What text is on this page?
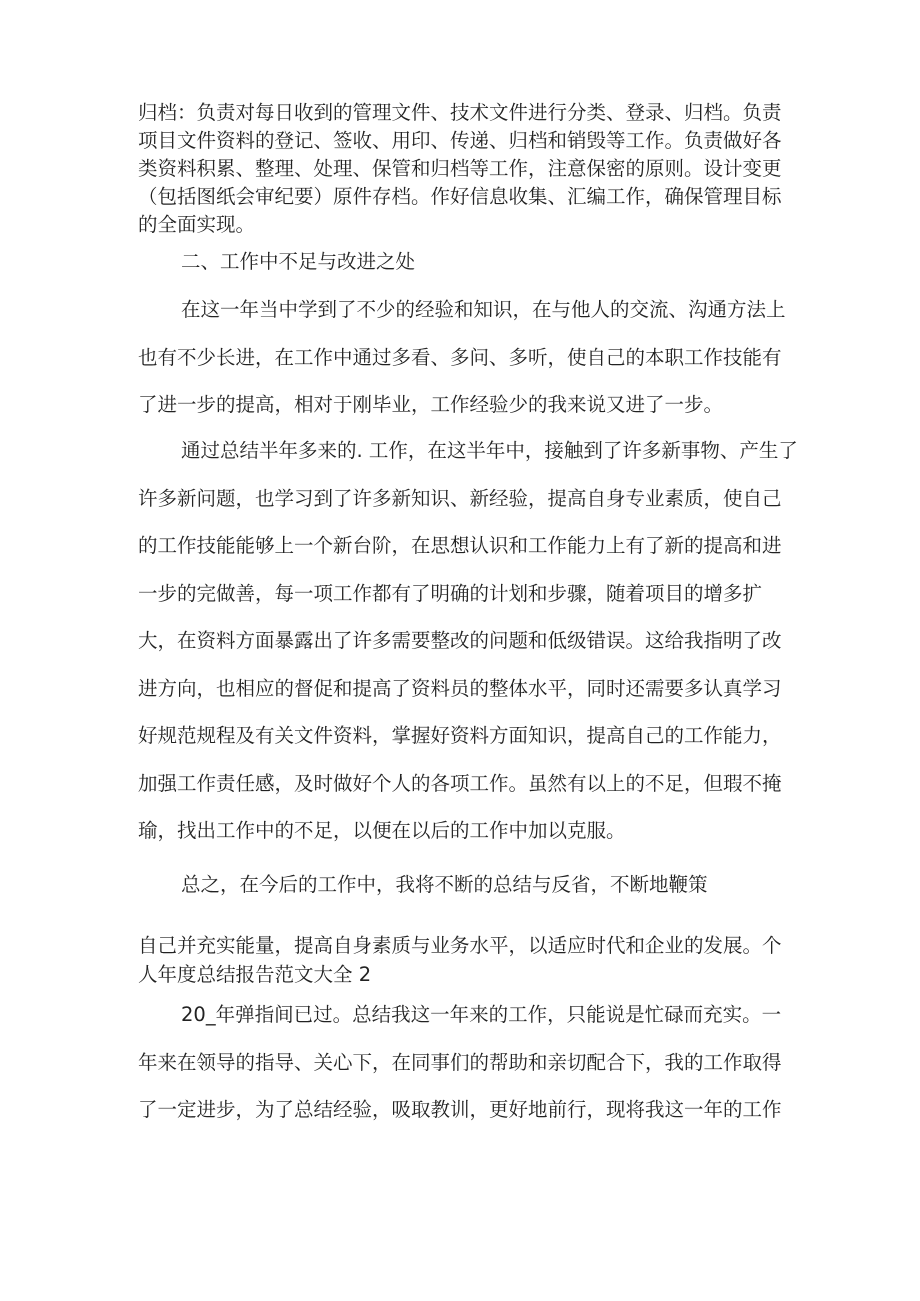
归档：负责对每日收到的管理文件、技术文件进行分类、登录、归档。负责项目文件资料的登记、签收、用印、传递、归档和销毁等工作。负责做好各类资料积累、整理、处理、保管和归档等工作，注意保密的原则。设计变更（包括图纸会审纪要）原件存档。作好信息收集、汇编工作，确保管理目标的全面实现。

二、工作中不足与改进之处

在这一年当中学到了不少的经验和知识，在与他人的交流、沟通方法上也有不少长进，在工作中通过多看、多问、多听，使自己的本职工作技能有了进一步的提高，相对于刚毕业，工作经验少的我来说又进了一步。

通过总结半年多来的. 工作，在这半年中，接触到了许多新事物、产生了许多新问题，也学习到了许多新知识、新经验，提高自身专业素质，使自己的工作技能能够上一个新台阶，在思想认识和工作能力上有了新的提高和进一步的完做善，每一项工作都有了明确的计划和步骤，随着项目的增多扩大，在资料方面暴露出了许多需要整改的问题和低级错误。这给我指明了改进方向，也相应的督促和提高了资料员的整体水平，同时还需要多认真学习好规范规程及有关文件资料，掌握好资料方面知识，提高自己的工作能力，加强工作责任感，及时做好个人的各项工作。虽然有以上的不足，但瑕不掩瑜，找出工作中的不足，以便在以后的工作中加以克服。

总之，在今后的工作中，我将不断的总结与反省，不断地鞭策

自己并充实能量，提高自身素质与业务水平，以适应时代和企业的发展。个人年度总结报告范文大全 2

20_年弹指间已过。总结我这一年来的工作，只能说是忙碌而充实。一年来在领导的指导、关心下，在同事们的帮助和亲切配合下，我的工作取得了一定进步，为了总结经验，吸取教训，更好地前行，现将我这一年的工作
